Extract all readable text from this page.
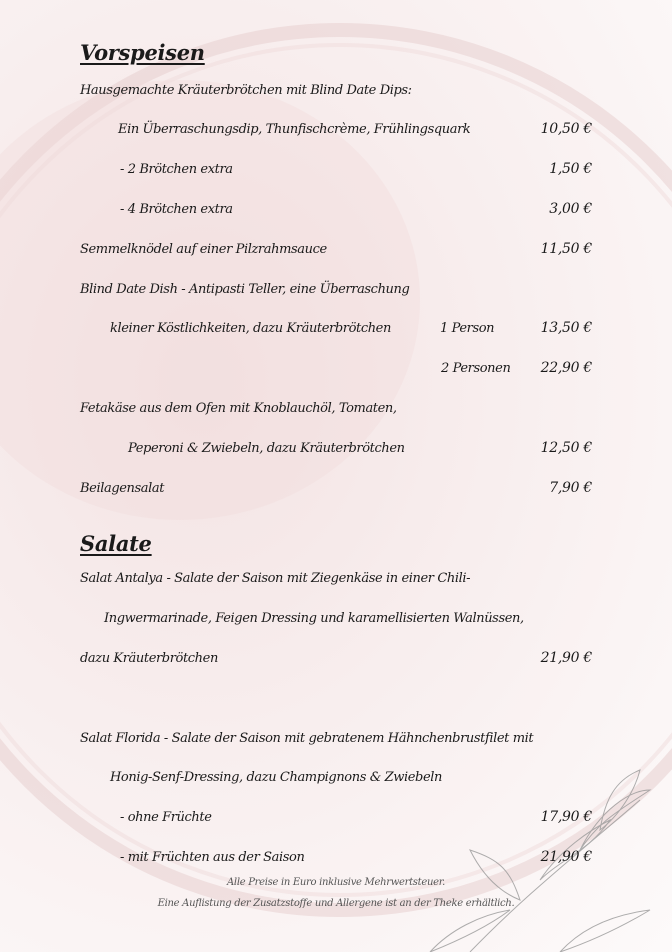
Vorspeisen
Hausgemachte Kräuterbrötchen mit Blind Date Dips:
Ein Überraschungsdip, Thunfischcrème, Frühlingsquark	10,50 €
- 2 Brötchen extra	1,50 €
- 4 Brötchen extra	3,00 €
Semmelknödel auf einer Pilzrahmsauce	11,50 €
Blind Date Dish - Antipasti Teller, eine Überraschung
kleiner Köstlichkeiten, dazu Kräuterbrötchen	1 Person	13,50 €
2 Personen 22,90 €
Fetakäse aus dem Ofen mit Knoblauchöl, Tomaten,
Peperoni & Zwiebeln, dazu Kräuterbrötchen	12,50 €
Beilagensalat	7,90 €
Salate
Salat Antalya - Salate der Saison mit Ziegenkäse in einer Chili-
Ingwermarinade, Feigen Dressing und karamellisierten Walnüssen,
dazu Kräuterbrötchen	21,90 €
Salat Florida - Salate der Saison mit gebratenem Hähnchenbrustfilet mit
Honig-Senf-Dressing, dazu Champignons & Zwiebeln
- ohne Früchte	17,90 €
- mit Früchten aus der Saison	21,90 €
Alle Preise in Euro inklusive Mehrwertsteuer.
Eine Auflistung der Zusatzstoffe und Allergene ist an der Theke erhältlich.
